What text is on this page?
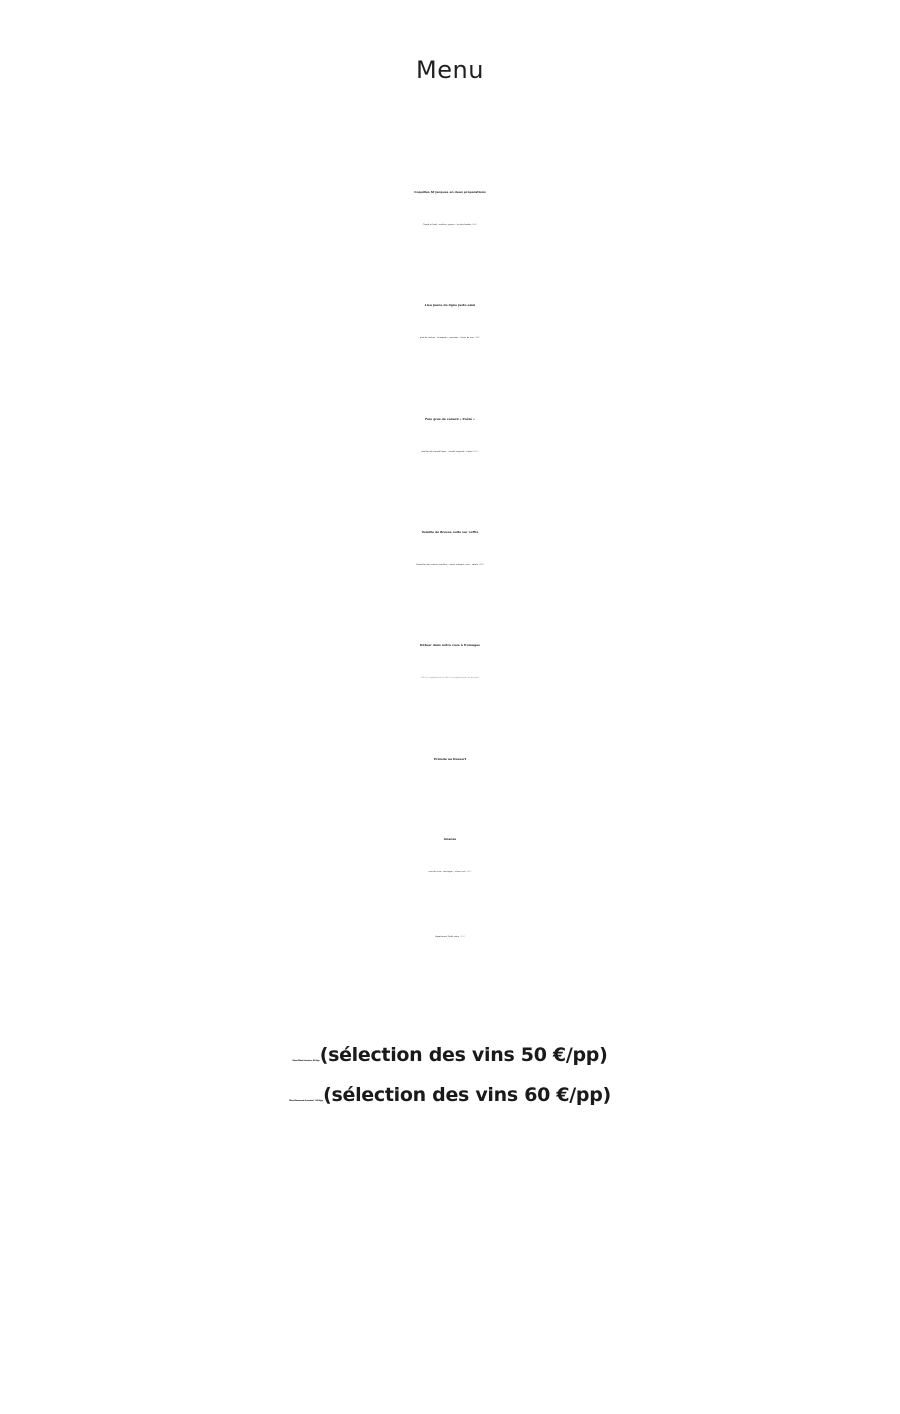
Menu
Coquilles St Jacques en deux préparations
Chaud et froid - endives –punzu – jus des bardes (34€)
Lieu Jaune de ligne juste saisi
pied de cochon – kumquats – poireaux – laitue de mer (34€)
Foie gras de canard « Poêlé »
bouillon de canard laqué – raviole végétale - hoisin (36€)
Volaille de Bresse cuite sur coffre
Cannelloni des cuisses confites – sauce arlequin- noix – comté (48€)
Détour dans notre cave à fromages
(20€ en supplément ou 14€ en remplacement du dessert)
Prélude au Dessert
Ananas
noix de coco - meringue – citron vert (16€)
Supplément Truffe noire : 15€
Menu Plaisir 4 services - 80 €/pp (sélection des vins 50 €/pp)
Menu Découverte 5 services* - 105 €/pp (sélection des vins 60 €/pp)
